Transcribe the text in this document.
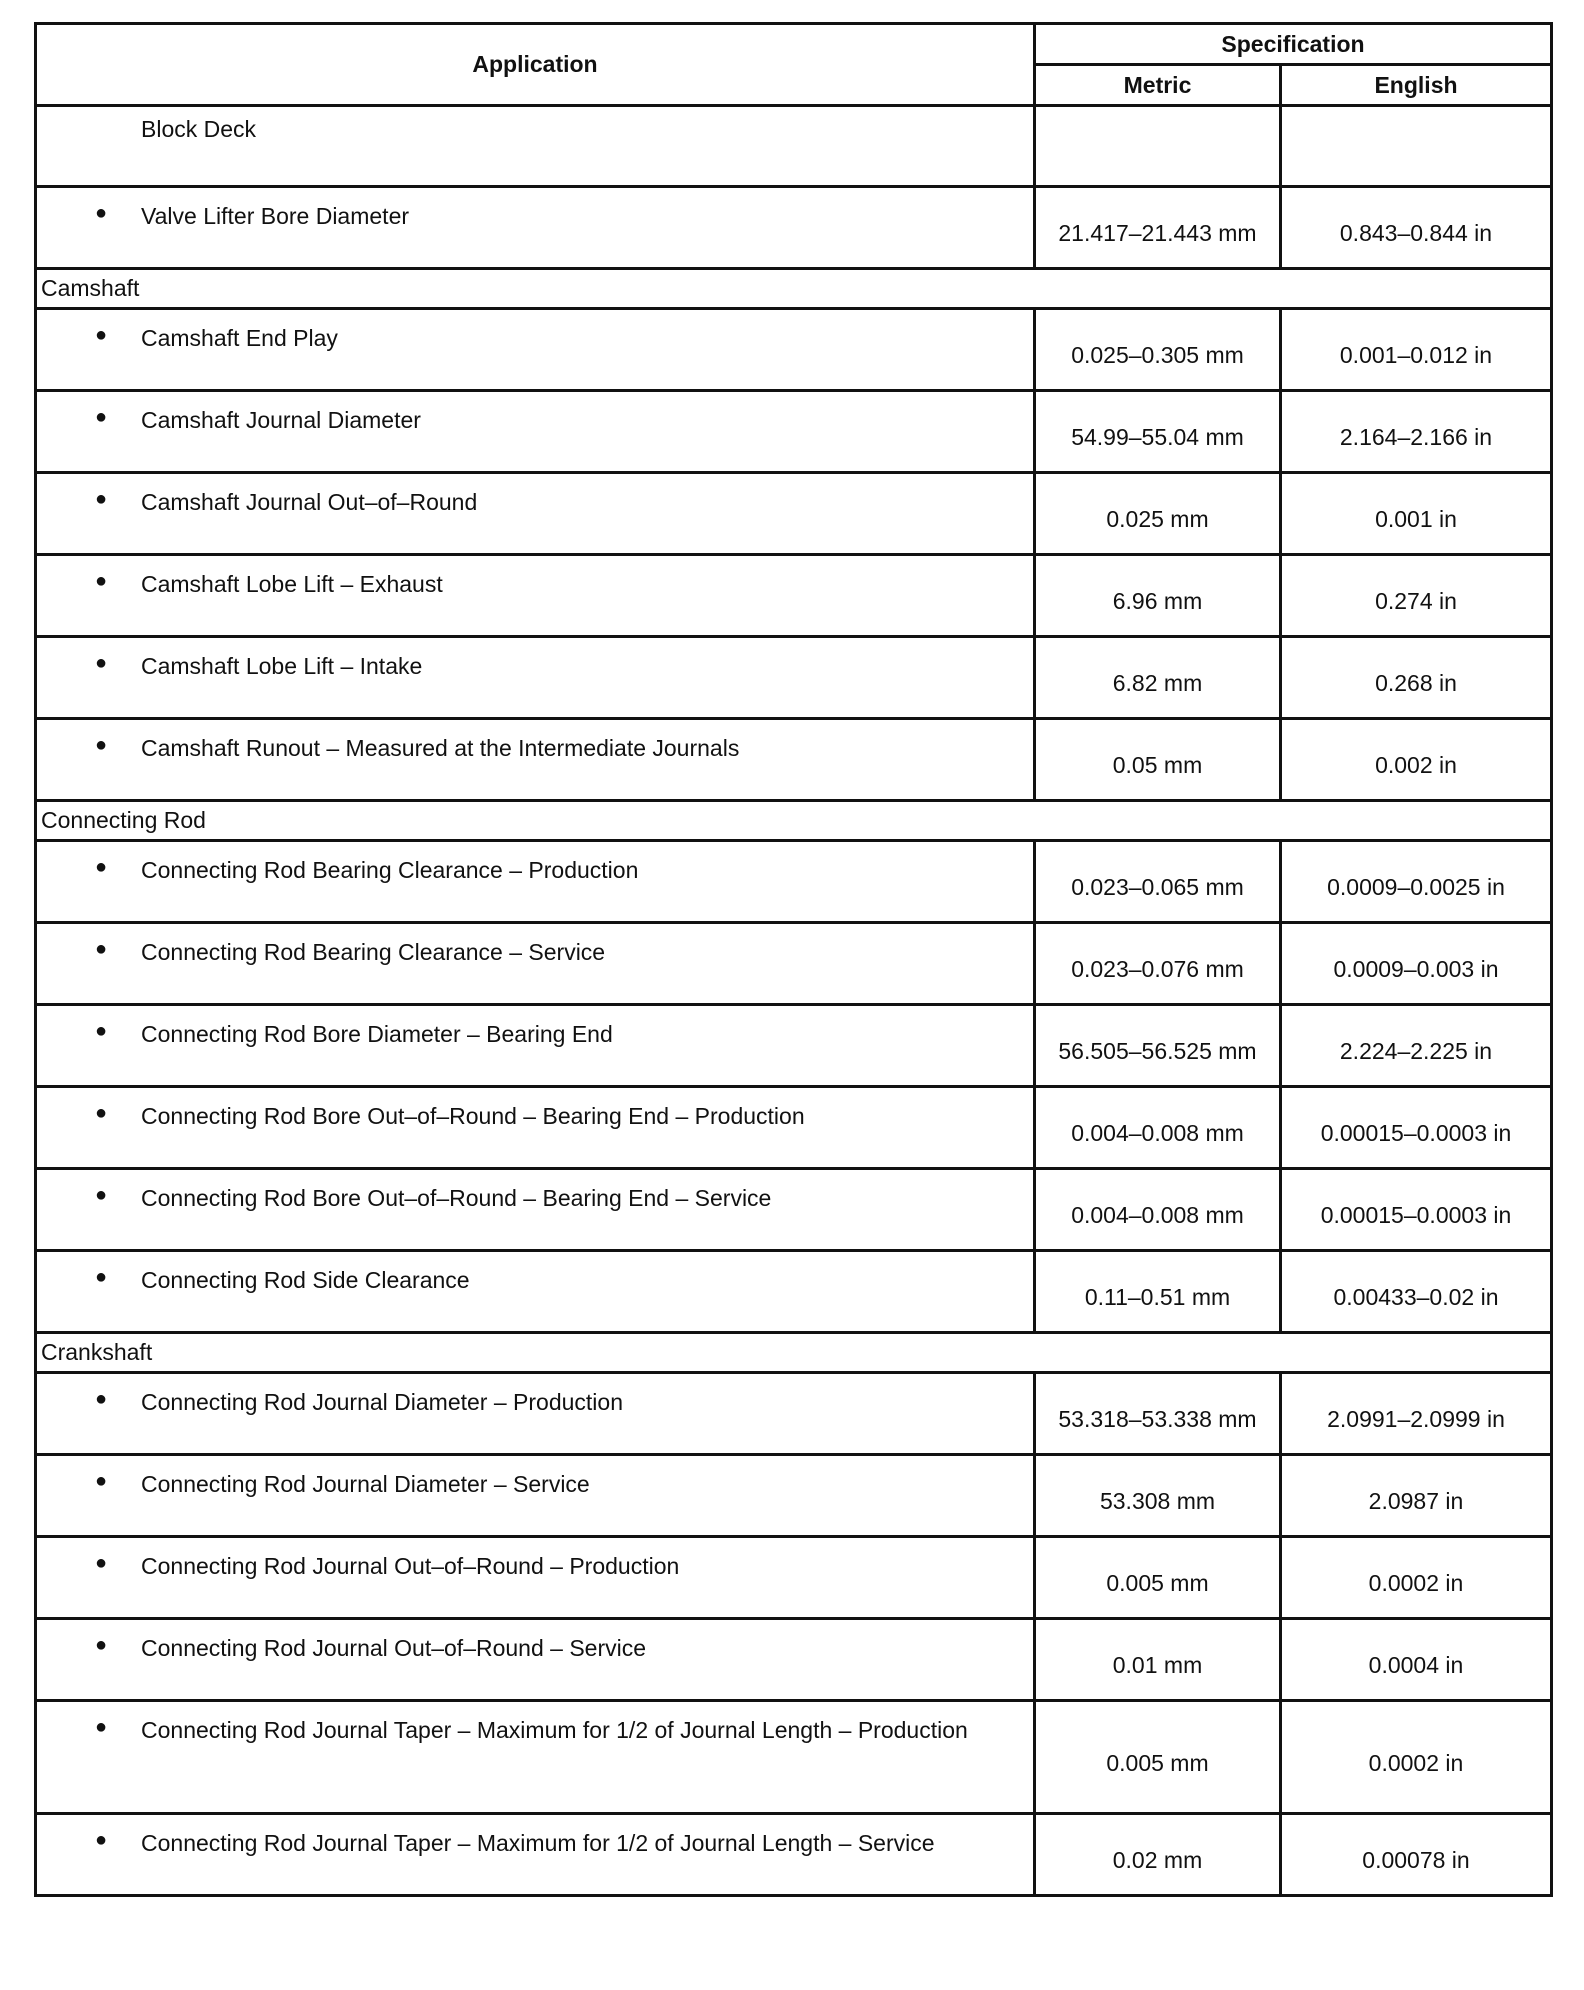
Application	Specification	
	Metric	English

Block Deck		

● Valve Lifter Bore Diameter	21.417–21.443 mm	0.843–0.844 in
Camshaft		

● Camshaft End Play	0.025–0.305 mm	0.001–0.012 in

● Camshaft Journal Diameter	54.99–55.04 mm	2.164–2.166 in

● Camshaft Journal Out–of–Round	0.025 mm	0.001 in

● Camshaft Lobe Lift – Exhaust	6.96 mm	0.274 in

● Camshaft Lobe Lift – Intake	6.82 mm	0.268 in

● Camshaft Runout – Measured at the Intermediate Journals	0.05 mm	0.002 in
Connecting Rod		

● Connecting Rod Bearing Clearance – Production	0.023–0.065 mm	0.0009–0.0025 in

● Connecting Rod Bearing Clearance – Service	0.023–0.076 mm	0.0009–0.003 in

● Connecting Rod Bore Diameter – Bearing End	56.505–56.525 mm	2.224–2.225 in

● Connecting Rod Bore Out–of–Round – Bearing End – Production	0.004–0.008 mm	0.00015–0.0003 in

● Connecting Rod Bore Out–of–Round – Bearing End – Service	0.004–0.008 mm	0.00015–0.0003 in

● Connecting Rod Side Clearance	0.11–0.51 mm	0.00433–0.02 in
Crankshaft		

● Connecting Rod Journal Diameter – Production	53.318–53.338 mm	2.0991–2.0999 in

● Connecting Rod Journal Diameter – Service	53.308 mm	2.0987 in

● Connecting Rod Journal Out–of–Round – Production	0.005 mm	0.0002 in

● Connecting Rod Journal Out–of–Round – Service	0.01 mm	0.0004 in

● Connecting Rod Journal Taper – Maximum for 1/2 of Journal Length – Production	0.005 mm	0.0002 in

● Connecting Rod Journal Taper – Maximum for 1/2 of Journal Length – Service	0.02 mm	0.00078 in
